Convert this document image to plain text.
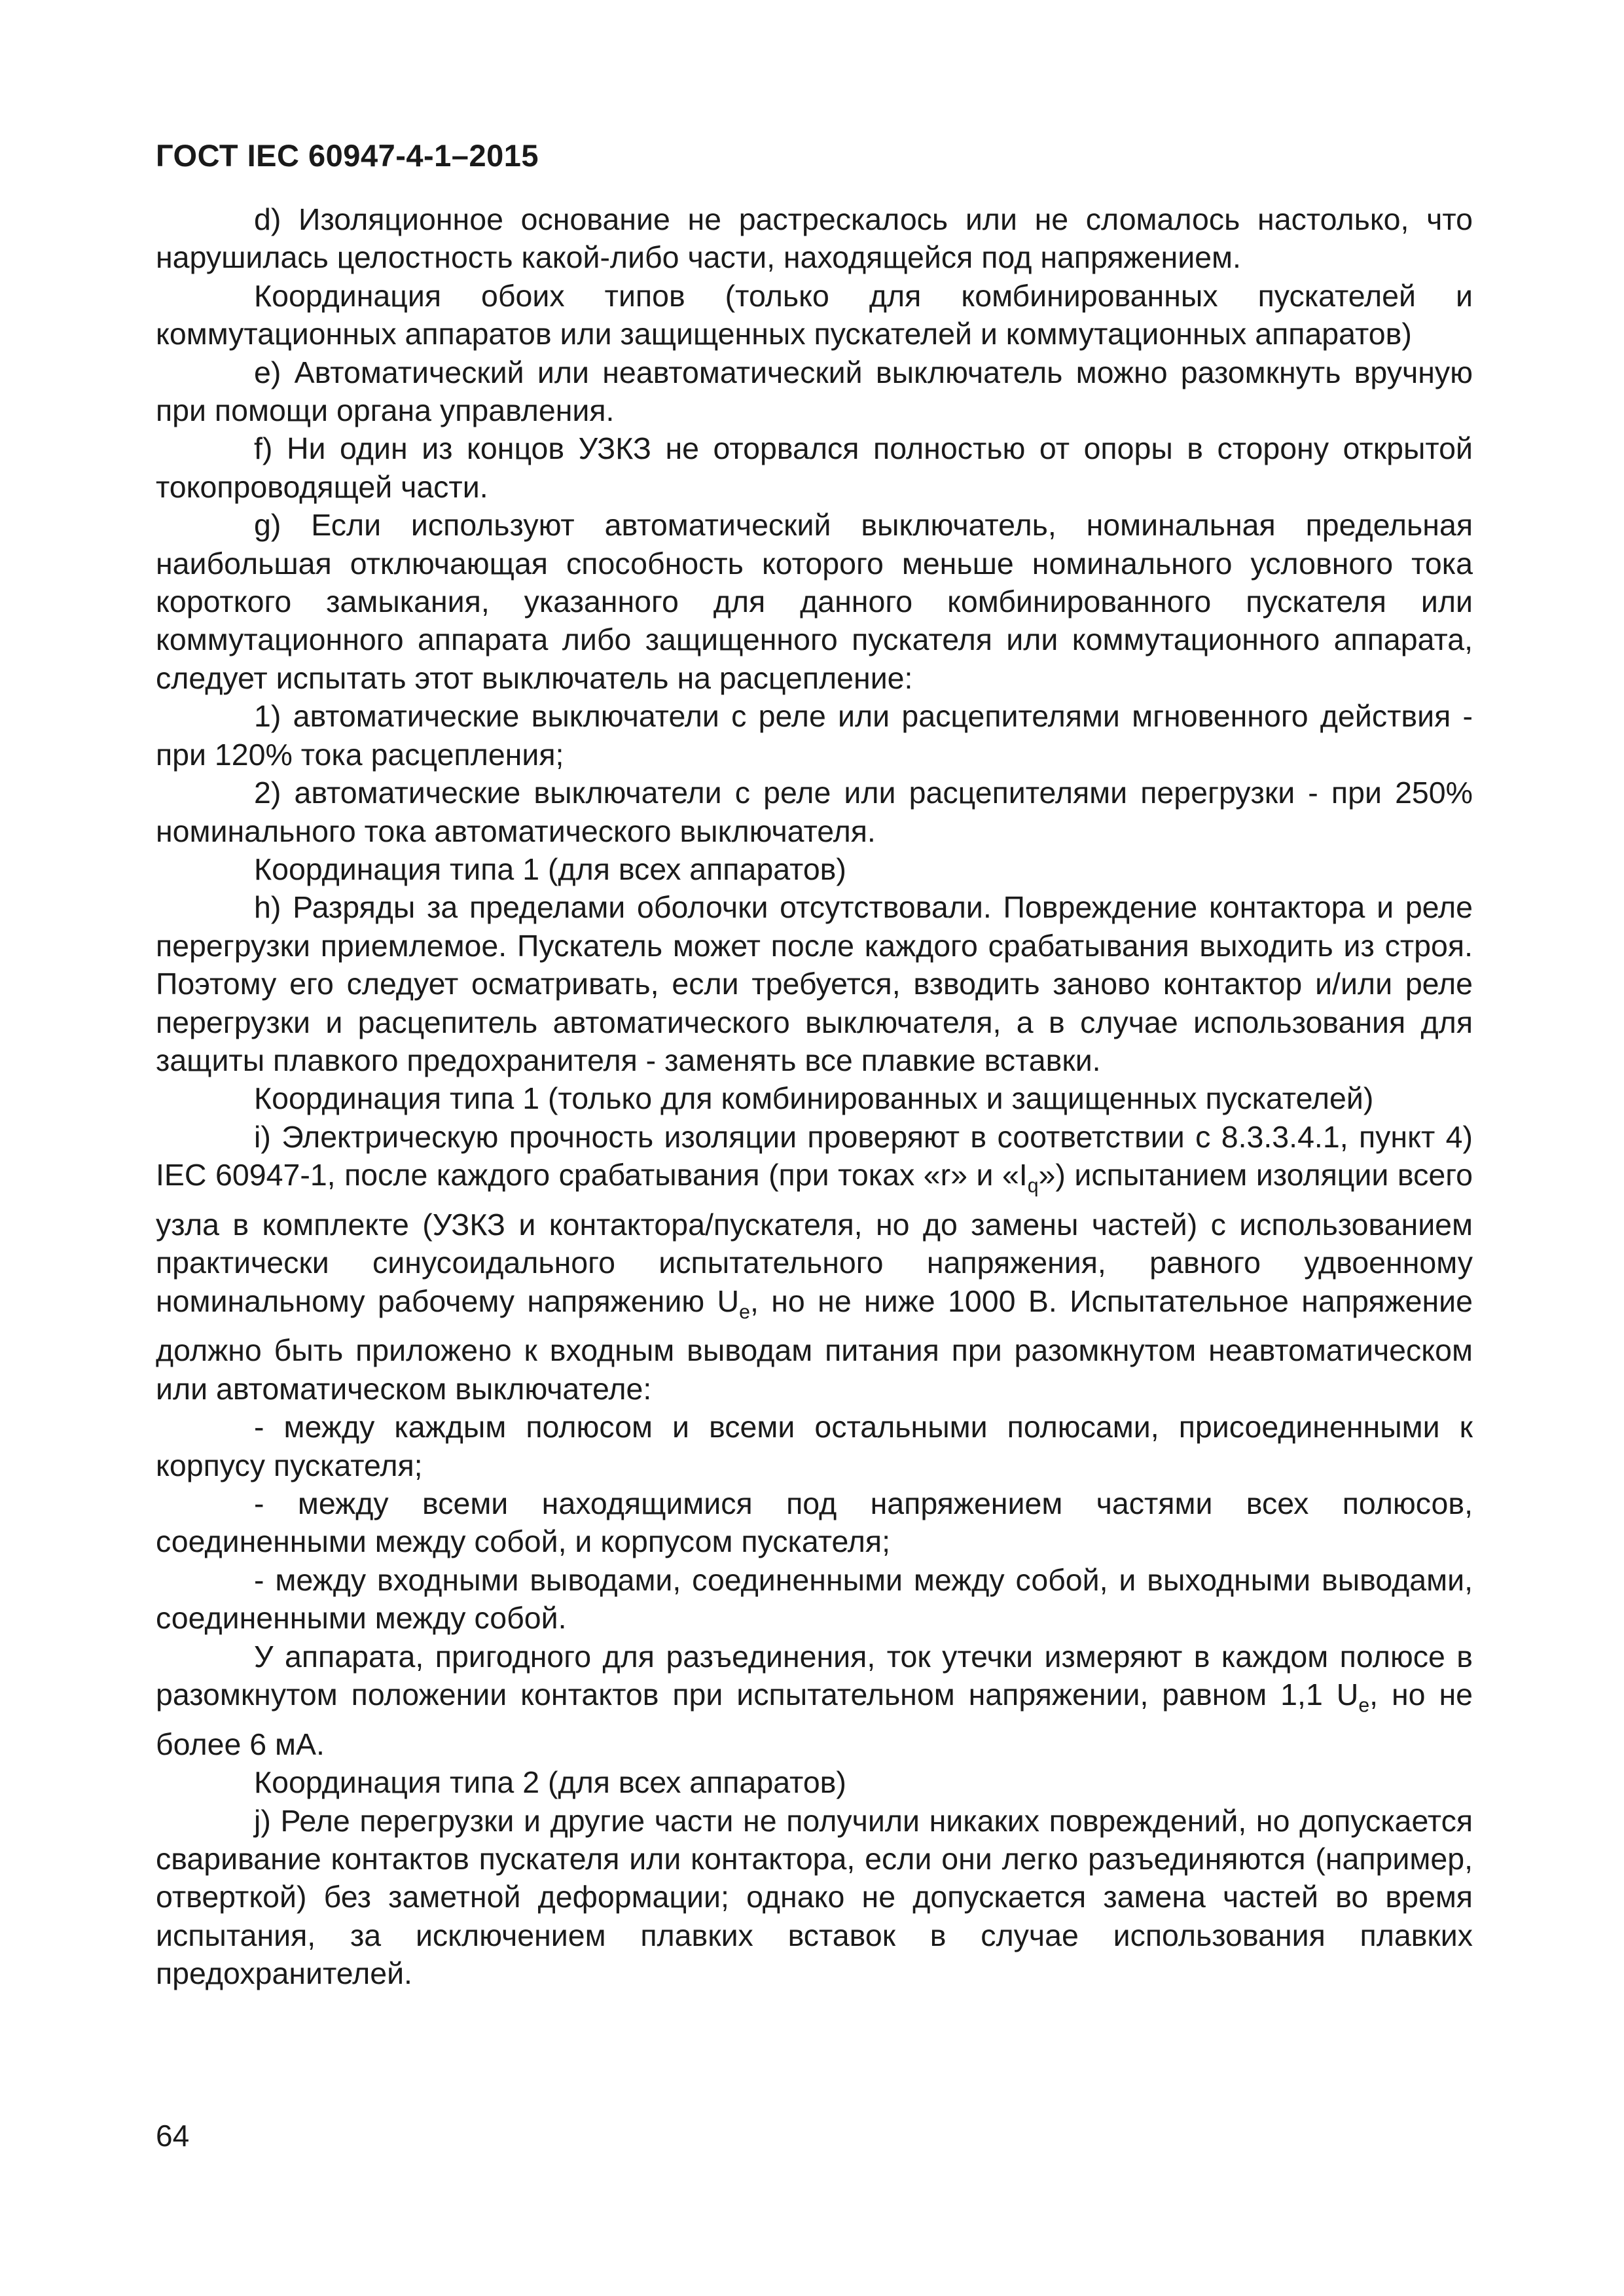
ГОСТ IEC 60947-4-1–2015

d) Изоляционное основание не растрескалось или не сломалось настолько, что нарушилась целостность какой-либо части, находящейся под напряжением.

Координация обоих типов (только для комбинированных пускателей и коммутационных аппаратов или защищенных пускателей и коммутационных аппаратов)

е) Автоматический или неавтоматический выключатель можно разомкнуть вручную при помощи органа управления.

f) Ни один из концов УЗКЗ не оторвался полностью от опоры в сторону открытой токопроводящей части.

g) Если используют автоматический выключатель, номинальная предельная наибольшая отключающая способность которого меньше номинального условного тока короткого замыкания, указанного для данного комбинированного пускателя или коммутационного аппарата либо защищенного пускателя или коммутационного аппарата, следует испытать этот выключатель на расцепление:

1) автоматические выключатели с реле или расцепителями мгновенного действия - при 120% тока расцепления;

2) автоматические выключатели с реле или расцепителями перегрузки - при 250% номинального тока автоматического выключателя.

Координация типа 1 (для всех аппаратов)

h) Разряды за пределами оболочки отсутствовали. Повреждение контактора и реле перегрузки приемлемое. Пускатель может после каждого срабатывания выходить из строя. Поэтому его следует осматривать, если требуется, взводить заново контактор и/или реле перегрузки и расцепитель автоматического выключателя, а в случае использования для защиты плавкого предохранителя - заменять все плавкие вставки.

Координация типа 1 (только для комбинированных и защищенных пускателей)

i) Электрическую прочность изоляции проверяют в соответствии с 8.3.3.4.1, пункт 4) IEC 60947-1, после каждого срабатывания (при токах «r» и «$I_q$») испытанием изоляции всего узла в комплекте (УЗКЗ и контактора/пускателя, но до замены частей) с использованием практически синусоидального испытательного напряжения, равного удвоенному номинальному рабочему напряжению $U_e$, но не ниже 1000 В. Испытательное напряжение должно быть приложено к входным выводам питания при разомкнутом неавтоматическом или автоматическом выключателе:

- между каждым полюсом и всеми остальными полюсами, присоединенными к корпусу пускателя;

- между всеми находящимися под напряжением частями всех полюсов, соединенными между собой, и корпусом пускателя;

- между входными выводами, соединенными между собой, и выходными выводами, соединенными между собой.

У аппарата, пригодного для разъединения, ток утечки измеряют в каждом полюсе в разомкнутом положении контактов при испытательном напряжении, равном 1,1 $U_e$, но не более 6 мА.

Координация типа 2 (для всех аппаратов)

j) Реле перегрузки и другие части не получили никаких повреждений, но допускается сваривание контактов пускателя или контактора, если они легко разъединяются (например, отверткой) без заметной деформации; однако не допускается замена частей во время испытания, за исключением плавких вставок в случае использования плавких предохранителей.

64
